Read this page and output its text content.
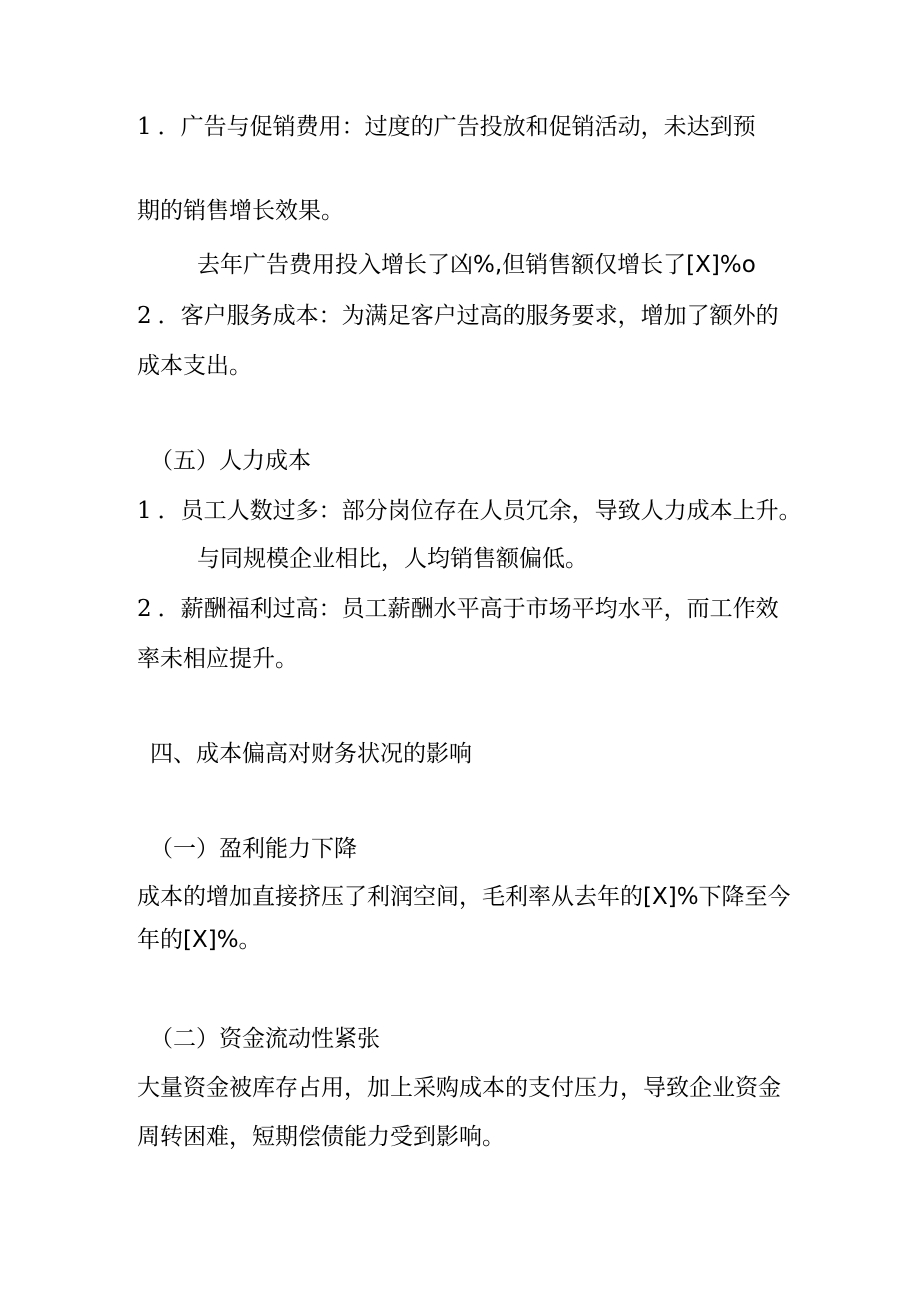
1．广告与促销费用：过度的广告投放和促销活动，未达到预
期的销售增长效果。
去年广告费用投入增长了凶%,但销售额仅增长了[X]%o
2．客户服务成本：为满足客户过高的服务要求，增加了额外的
成本支出。
（五）人力成本
1．员工人数过多：部分岗位存在人员冗余，导致人力成本上升。
与同规模企业相比，人均销售额偏低。
2．薪酬福利过高：员工薪酬水平高于市场平均水平，而工作效
率未相应提升。
四、成本偏高对财务状况的影响
（一）盈利能力下降
成本的增加直接挤压了利润空间，毛利率从去年的[X]%下降至今
年的[X]%。
（二）资金流动性紧张
大量资金被库存占用，加上采购成本的支付压力，导致企业资金
周转困难，短期偿债能力受到影响。
